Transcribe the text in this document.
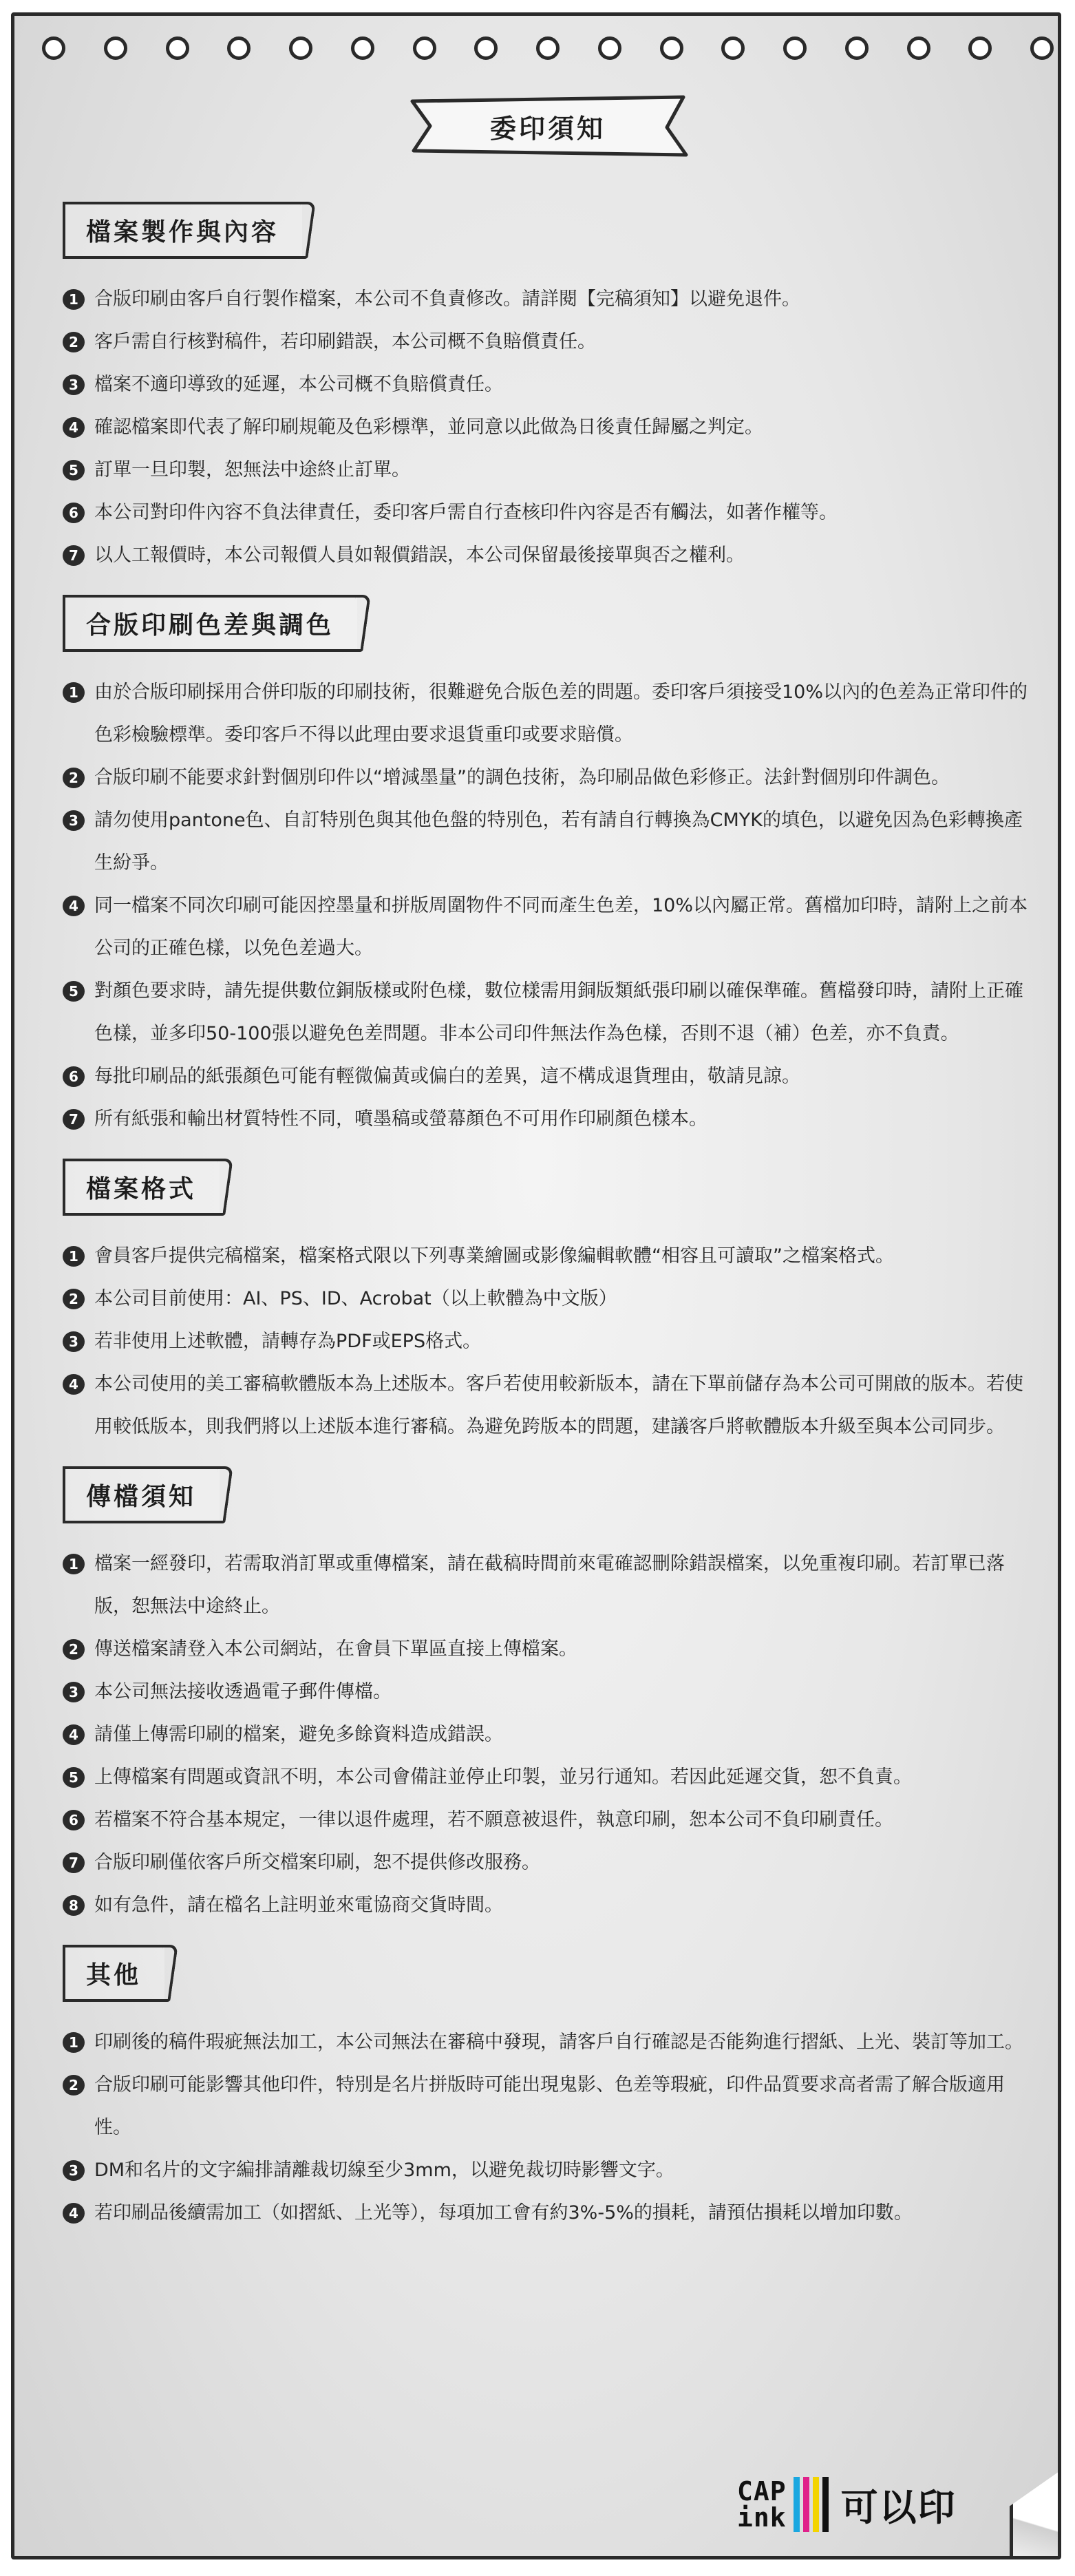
委印須知
檔案製作與內容
1 合版印刷由客戶自行製作檔案，本公司不負責修改。請詳閱【完稿須知】以避免退件。
2 客戶需自行核對稿件，若印刷錯誤，本公司概不負賠償責任。
3 檔案不適印導致的延遲，本公司概不負賠償責任。
4 確認檔案即代表了解印刷規範及色彩標準，並同意以此做為日後責任歸屬之判定。
5 訂單一旦印製，恕無法中途終止訂單。
6 本公司對印件內容不負法律責任，委印客戶需自行查核印件內容是否有觸法，如著作權等。
7 以人工報價時，本公司報價人員如報價錯誤，本公司保留最後接單與否之權利。
合版印刷色差與調色
1 由於合版印刷採用合併印版的印刷技術，很難避免合版色差的問題。委印客戶須接受10%以內的色差為正常印件的色彩檢驗標準。委印客戶不得以此理由要求退貨重印或要求賠償。
2 合版印刷不能要求針對個別印件以“增減墨量”的調色技術，為印刷品做色彩修正。法針對個別印件調色。
3 請勿使用pantone色、自訂特別色與其他色盤的特別色，若有請自行轉換為CMYK的填色，以避免因為色彩轉換產生紛爭。
4 同一檔案不同次印刷可能因控墨量和拼版周圍物件不同而產生色差，10%以內屬正常。舊檔加印時，請附上之前本公司的正確色樣，以免色差過大。
5 對顏色要求時，請先提供數位銅版樣或附色樣，數位樣需用銅版類紙張印刷以確保準確。舊檔發印時，請附上正確色樣，並多印50-100張以避免色差問題。非本公司印件無法作為色樣，否則不退（補）色差，亦不負責。
6 每批印刷品的紙張顏色可能有輕微偏黃或偏白的差異，這不構成退貨理由，敬請見諒。
7 所有紙張和輸出材質特性不同，噴墨稿或螢幕顏色不可用作印刷顏色樣本。
檔案格式
1 會員客戶提供完稿檔案，檔案格式限以下列專業繪圖或影像編輯軟體“相容且可讀取”之檔案格式。
2 本公司目前使用：AI、PS、ID、Acrobat（以上軟體為中文版）
3 若非使用上述軟體，請轉存為PDF或EPS格式。
4 本公司使用的美工審稿軟體版本為上述版本。客戶若使用較新版本，請在下單前儲存為本公司可開啟的版本。若使用較低版本，則我們將以上述版本進行審稿。為避免跨版本的問題，建議客戶將軟體版本升級至與本公司同步。
傳檔須知
1 檔案一經發印，若需取消訂單或重傳檔案，請在截稿時間前來電確認刪除錯誤檔案，以免重複印刷。若訂單已落版，恕無法中途終止。
2 傳送檔案請登入本公司網站，在會員下單區直接上傳檔案。
3 本公司無法接收透過電子郵件傳檔。
4 請僅上傳需印刷的檔案，避免多餘資料造成錯誤。
5 上傳檔案有問題或資訊不明，本公司會備註並停止印製，並另行通知。若因此延遲交貨，恕不負責。
6 若檔案不符合基本規定，一律以退件處理，若不願意被退件，執意印刷，恕本公司不負印刷責任。
7 合版印刷僅依客戶所交檔案印刷，恕不提供修改服務。
8 如有急件，請在檔名上註明並來電協商交貨時間。
其他
1 印刷後的稿件瑕疵無法加工，本公司無法在審稿中發現，請客戶自行確認是否能夠進行摺紙、上光、裝訂等加工。
2 合版印刷可能影響其他印件，特別是名片拼版時可能出現鬼影、色差等瑕疵，印件品質要求高者需了解合版適用性。
3 DM和名片的文字編排請離裁切線至少3mm，以避免裁切時影響文字。
4 若印刷品後續需加工（如摺紙、上光等），每項加工會有約3%-5%的損耗，請預估損耗以增加印數。
CAP
ink 可以印
